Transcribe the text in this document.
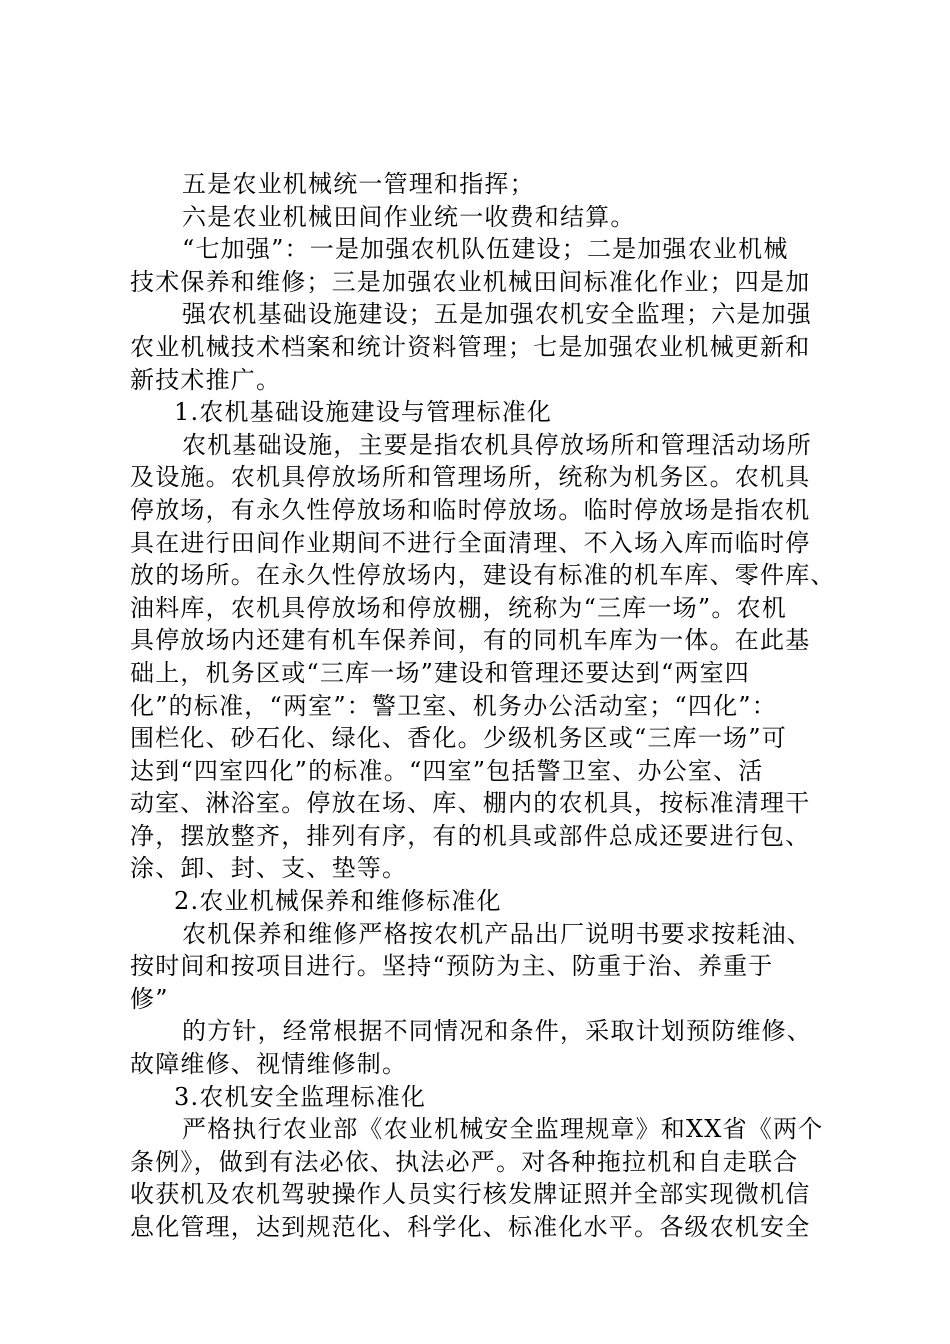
五是农业机械统一管理和指挥；
六是农业机械田间作业统一收费和结算。
“七加强”：一是加强农机队伍建设；二是加强农业机械
技术保养和维修；三是加强农业机械田间标准化作业；四是加
强农机基础设施建设；五是加强农机安全监理；六是加强
农业机械技术档案和统计资料管理；七是加强农业机械更新和
新技术推广。
1.农机基础设施建设与管理标准化
农机基础设施，主要是指农机具停放场所和管理活动场所
及设施。农机具停放场所和管理场所，统称为机务区。农机具
停放场，有永久性停放场和临时停放场。临时停放场是指农机
具在进行田间作业期间不进行全面清理、不入场入库而临时停
放的场所。在永久性停放场内，建设有标准的机车库、零件库、
油料库，农机具停放场和停放棚，统称为“三库一场”。农机
具停放场内还建有机车保养间，有的同机车库为一体。在此基
础上，机务区或“三库一场”建设和管理还要达到“两室四
化”的标准，“两室”：警卫室、机务办公活动室；“四化”：
围栏化、砂石化、绿化、香化。少级机务区或“三库一场”可
达到“四室四化”的标准。“四室”包括警卫室、办公室、活
动室、淋浴室。停放在场、库、棚内的农机具，按标准清理干
净，摆放整齐，排列有序，有的机具或部件总成还要进行包、
涂、卸、封、支、垫等。
2.农业机械保养和维修标准化
农机保养和维修严格按农机产品出厂说明书要求按耗油、
按时间和按项目进行。坚持“预防为主、防重于治、养重于
修”
的方针，经常根据不同情况和条件，采取计划预防维修、
故障维修、视情维修制。
3.农机安全监理标准化
严格执行农业部《农业机械安全监理规章》和XX省《两个
条例》，做到有法必依、执法必严。对各种拖拉机和自走联合
收获机及农机驾驶操作人员实行核发牌证照并全部实现微机信
息化管理，达到规范化、科学化、标准化水平。各级农机安全
